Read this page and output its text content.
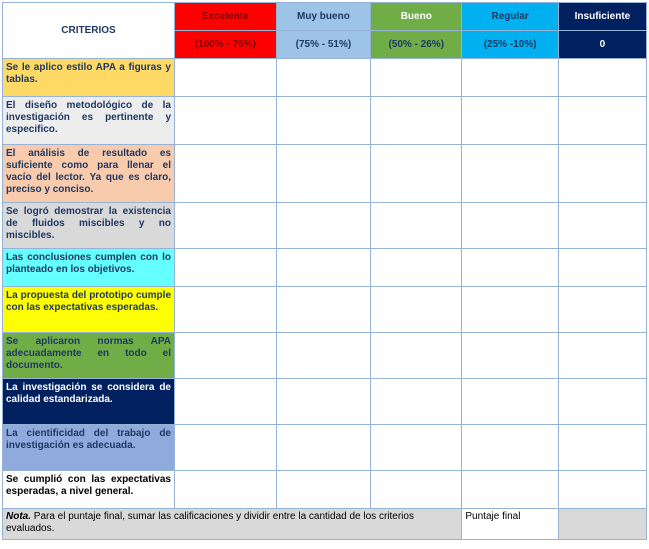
CRITERIOS	Excelente	Muy bueno	Bueno	Regular	Insuficiente
	(100% - 76%)	(75% - 51%)	(50% - 26%)	(25% -10%)	0
Se le aplico estilo APA a figuras y tablas.					
El diseño metodológico de la investigación es pertinente y especifico.					
El análisis de resultado es suficiente como para llenar el vacío del lector. Ya que es claro, preciso y conciso.					
Se logró demostrar la existencia de fluidos miscibles y no miscibles.					
Las conclusiones cumplen con lo planteado en los objetivos.					
La propuesta del prototipo cumple con las expectativas esperadas.					
Se aplicaron normas APA adecuadamente en todo el documento.					
La investigación se considera de calidad estandarizada.					
La cientificidad del trabajo de investigación es adecuada.					
Se cumplió con las expectativas esperadas, a nivel general.					
Nota. Para el puntaje final, sumar las calificaciones y dividir entre la cantidad de los criterios evaluados.				Puntaje final	
